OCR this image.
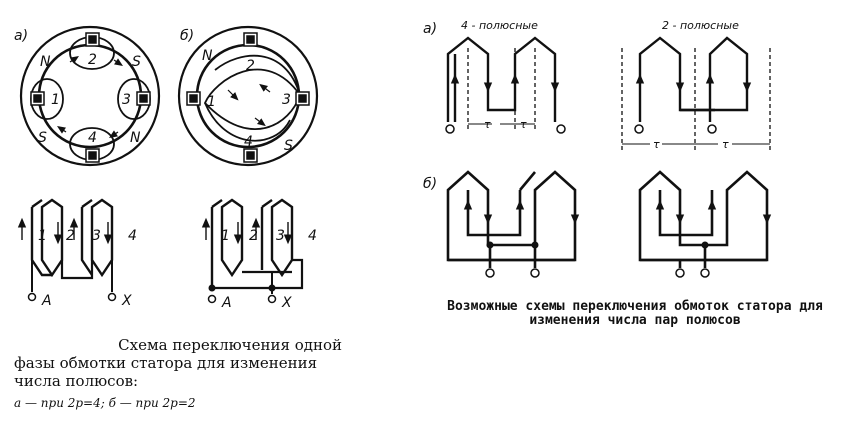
а)
N	S
S	N
1
2
3
4
б)
N
S
1
2
3
4
1 2 3 4
A	X
1 2 3 4
A	X
а) 4 - полюсные	2 - полюсные
τ	τ
τ	τ
б)
Схема переключения одной
фазы обмотки статора для изменения
числа полюсов:
а — при 2p=4; б — при 2p=2
Возможные схемы переключения обмоток статора для
изменения числа пар полюсов
